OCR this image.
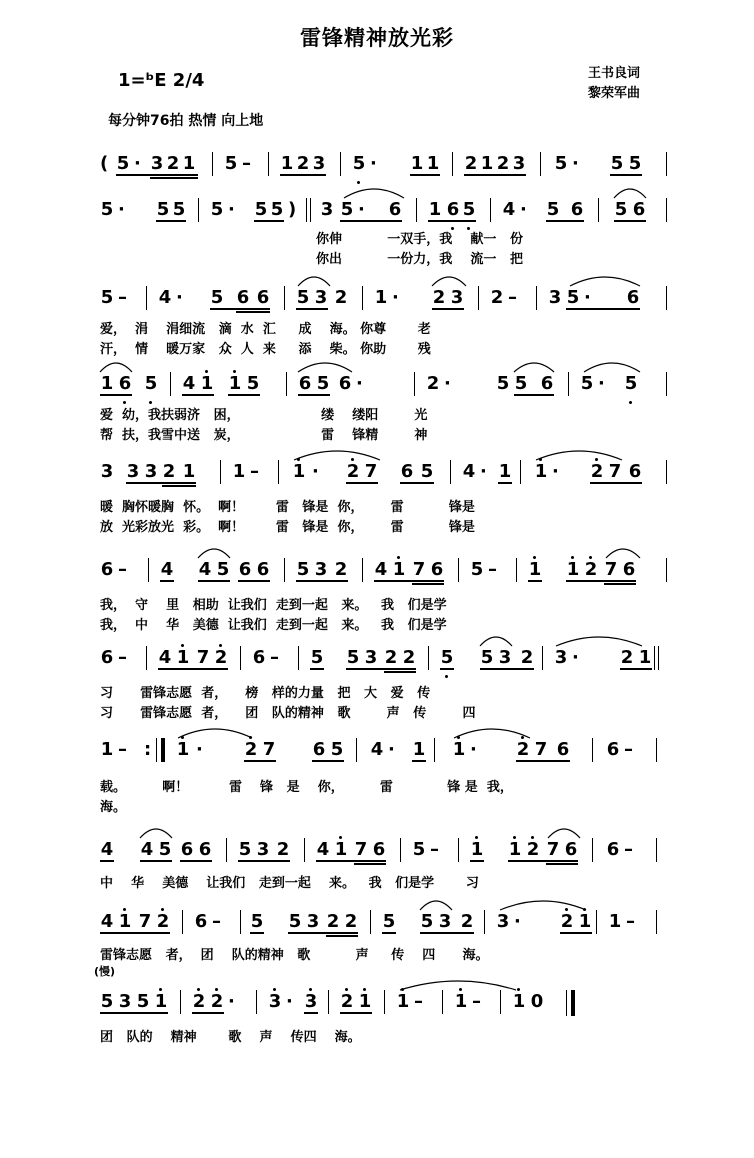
雷锋精神放光彩
王书良词
黎荣军曲
1=ᵇE 2/4
每分钟76拍 热情 向上地
(慢)
( 5 · 3 2 1 5 – 1 2 3 5 · 1 1 2 1 2 3 5 · 5 5
5 · 5 5 5 · 5 5 ) 3 5 · 6 1 6 5 4 · 5 6 5 6
5 – 4 · 5 6 6 5 3 2 1 · 2 3 2 – 3 5 · 6
1 6 5 4 1 1 5 6 5 6 ·	2 ·	5 5 6 5 · 5
3 3 3 2 1 1 – 1 · 2 7 6 5 4 · 1 1 · 2 7 6
6 – 4 4 5 6 6 5 3 2 4 1 7 6 5 – 1 1 2 7 6
6 – 4 1 7 2 6 – 5 5 3 2 2 5 5 3 2 3 · 2 1
1 – : 1 · 2 7 6 5 4 · 1 1 · 2 7 6 6 –
4 4 5 6 6 5 3 2 4 1 7 6 5 – 1 1 2 7 6 6 –
4 1 7 2 6 – 5 5 3 2 2 5 5 3 2 3 · 2 1 1 –
5 3 5 1 2 2 · 3 · 3 2 1 1 – 1 – 1 0
你伸          一双手，我    献一   份
你出          一份力，我    流一   把
爱，  涓    涓细流   滴  水  汇     成    海。 你尊       老
汗，  情    暖万家   众  人  来     添    柴。 你助       残
爱  幼，我扶弱济   困，                  缕    缕阳        光
帮  扶，我雪中送   炭，                  雷    锋精        神
暖  胸怀暖胸  怀。  啊！       雷   锋是  你，      雷          锋是
放  光彩放光  彩。  啊！       雷   锋是  你，      雷          锋是
我，  守    里   相助  让我们  走到一起   来。   我   们是学
我，  中    华   美德  让我们  走到一起   来。   我   们是学
习      雷锋志愿  者，    榜   样的力量   把   大   爱   传
习      雷锋志愿  者，    团   队的精神   歌        声   传        四
载。        啊！         雷    锋   是    你，        雷            锋 是  我，
海。
中    华    美德    让我们   走到一起    来。   我   们是学       习
雷锋志愿   者，  团    队的精神   歌          声     传    四      海。
团   队的    精神       歌    声    传四    海。
